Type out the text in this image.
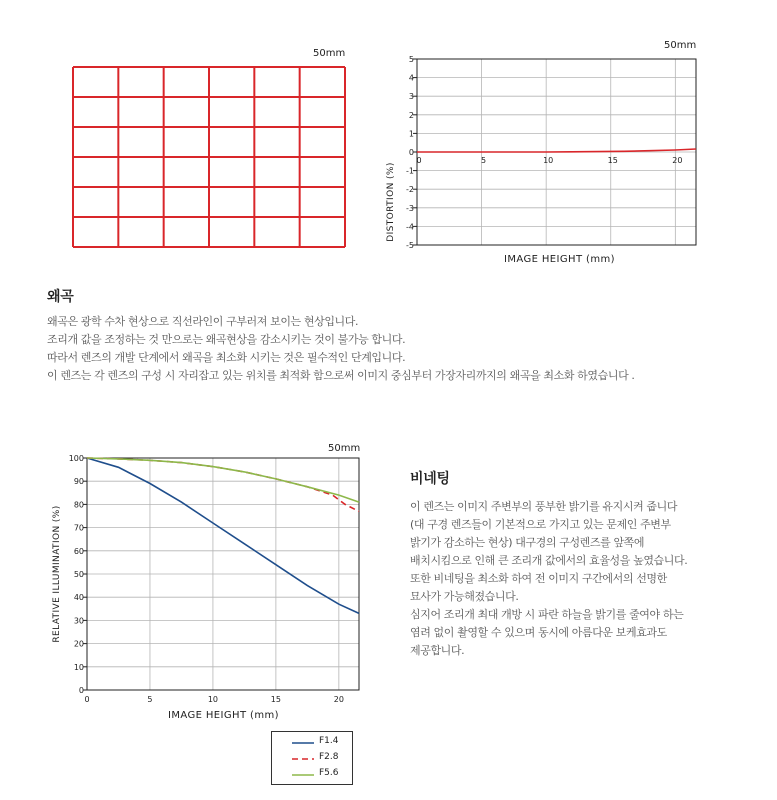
50mm
50mm
DISTORTION (%)
5
4
3
2
1
0
-1
-2
-3
-4
-5
0	5	10	15	20
IMAGE HEIGHT (mm)
왜곡
왜곡은 광학 수차 현상으로 직선라인이 구부러져 보이는 현상입니다.
조리개 값을 조정하는 것 만으로는 왜곡현상을 감소시키는 것이 불가능 합니다.
따라서 렌즈의 개발 단계에서 왜곡을 최소화 시키는 것은 필수적인 단계입니다.
이 렌즈는 각 렌즈의 구성 시 자리잡고 있는 위치를 최적화 함으로써 이미지 중심부터 가장자리까지의 왜곡을 최소화 하였습니다 .
50mm
RELATIVE ILLUMINATION (%)
100
90
80
70
60
50
40
30
20
10
0
0	5	10	15	20
IMAGE HEIGHT (mm)
F1.4
F2.8
F5.6
비네팅
이 렌즈는 이미지 주변부의 풍부한 밝기를 유지시켜 줍니다
(대 구경 렌즈들이 기본적으로 가지고 있는 문제인 주변부
밝기가 감소하는 현상) 대구경의 구성렌즈를 앞쪽에
배치시킴으로 인해 큰 조리개 값에서의 효율성을 높였습니다.
또한 비네팅을 최소화 하여 전 이미지 구간에서의 선명한
묘사가 가능해졌습니다.
심지어 조리개 최대 개방 시 파란 하늘을 밝기를 줄여야 하는
염려 없이 촬영할 수 있으며 동시에 아름다운 보케효과도
제공합니다.
